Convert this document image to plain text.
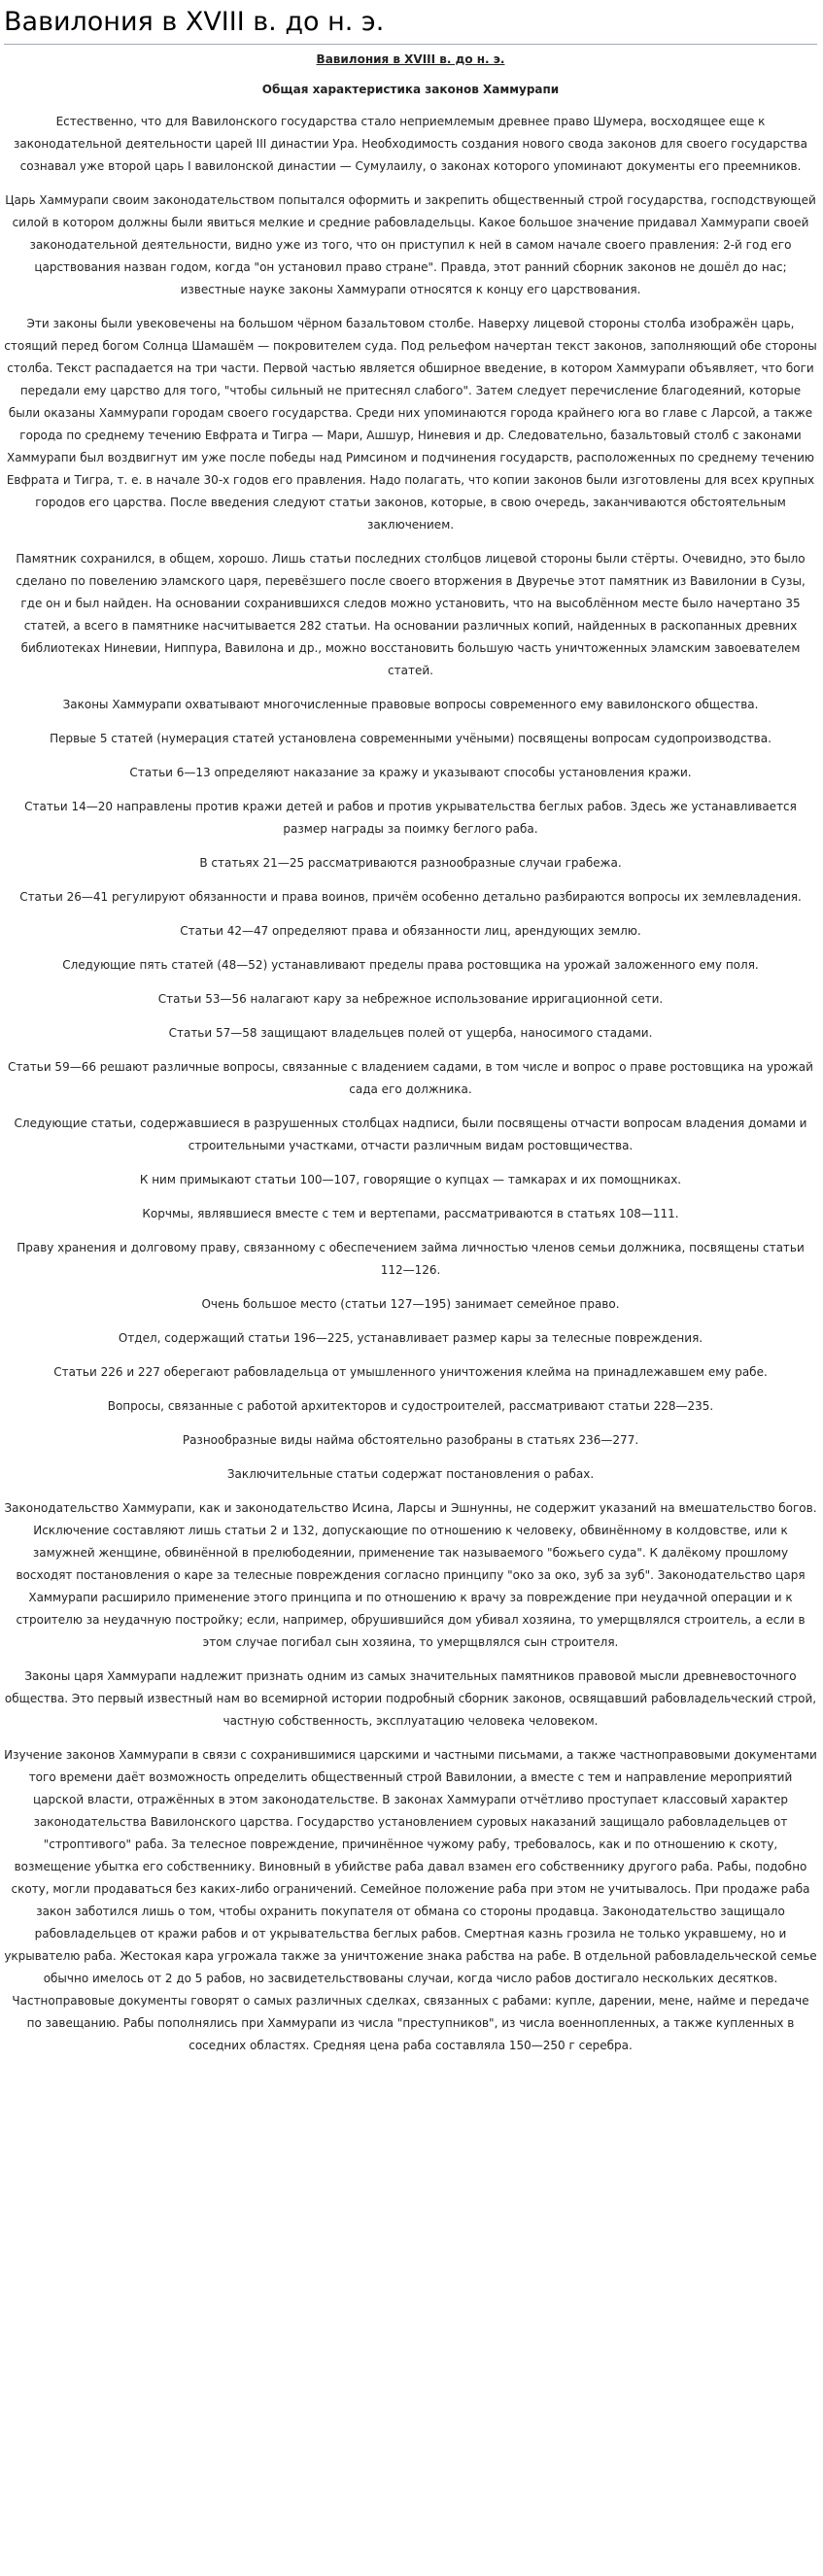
Вавилония в XVIII в. до н. э.
Вавилония в XVIII в. до н. э.
Общая характеристика законов Хаммурапи

Естественно, что для Вавилонского государства стало неприемлемым древнее право Шумера, восходящее еще к законодательной деятельности царей III династии Ура. Необходимость создания нового свода законов для своего государства сознавал уже второй царь I вавилонской династии — Сумулаилу, о законах которого упоминают документы его преемников.

Царь Хаммурапи своим законодательством попытался оформить и закрепить общественный строй государства, господствующей силой в котором должны были явиться мелкие и средние рабовладельцы. Какое большое значение придавал Хаммурапи своей законодательной деятельности, видно уже из того, что он приступил к ней в самом начале своего правления: 2-й год его царствования назван годом, когда "он установил право стране". Правда, этот ранний сборник законов не дошёл до нас; известные науке законы Хаммурапи относятся к концу его царствования.

Эти законы были увековечены на большом чёрном базальтовом столбе. Наверху лицевой стороны столба изображён царь, стоящий перед богом Солнца Шамашём — покровителем суда. Под рельефом начертан текст законов, заполняющий обе стороны столба. Текст распадается на три части. Первой частью является обширное введение, в котором Хаммурапи объявляет, что боги передали ему царство для того, "чтобы сильный не притеснял слабого". Затем следует перечисление благодеяний, которые были оказаны Хаммурапи городам своего государства. Среди них упоминаются города крайнего юга во главе с Ларсой, а также города по среднему течению Евфрата и Тигра — Мари, Ашшур, Ниневия и др. Следовательно, базальтовый столб с законами Хаммурапи был воздвигнут им уже после победы над Римсином и подчинения государств, расположенных по среднему течению Евфрата и Тигра, т. е. в начале 30-х годов его правления. Надо полагать, что копии законов были изготовлены для всех крупных городов его царства. После введения следуют статьи законов, которые, в свою очередь, заканчиваются обстоятельным заключением.

Памятник сохранился, в общем, хорошо. Лишь статьи последних столбцов лицевой стороны были стёрты. Очевидно, это было сделано по повелению эламского царя, перевёзшего после своего вторжения в Двуречье этот памятник из Вавилонии в Сузы, где он и был найден. На основании сохранившихся следов можно установить, что на высоблённом месте было начертано 35 статей, а всего в памятнике насчитывается 282 статьи. На основании различных копий, найденных в раскопанных древних библиотеках Ниневии, Ниппура, Вавилона и др., можно восстановить большую часть уничтоженных эламским завоевателем статей.

Законы Хаммурапи охватывают многочисленные правовые вопросы современного ему вавилонского общества.

Первые 5 статей (нумерация статей установлена современными учёными) посвящены вопросам судопроизводства.

Статьи 6—13 определяют наказание за кражу и указывают способы установления кражи.

Статьи 14—20 направлены против кражи детей и рабов и против укрывательства беглых рабов. Здесь же устанавливается размер награды за поимку беглого раба.

В статьях 21—25 рассматриваются разнообразные случаи грабежа.

Статьи 26—41 регулируют обязанности и права воинов, причём особенно детально разбираются вопросы их землевладения.

Статьи 42—47 определяют права и обязанности лиц, арендующих землю.

Следующие пять статей (48—52) устанавливают пределы права ростовщика на урожай заложенного ему поля.

Статьи 53—56 налагают кару за небрежное использование ирригационной сети.

Статьи 57—58 защищают владельцев полей от ущерба, наносимого стадами.

Статьи 59—66 решают различные вопросы, связанные с владением садами, в том числе и вопрос о праве ростовщика на урожай сада его должника.

Следующие статьи, содержавшиеся в разрушенных столбцах надписи, были посвящены отчасти вопросам владения домами и строительными участками, отчасти различным видам ростовщичества.

К ним примыкают статьи 100—107, говорящие о купцах — тамкарах и их помощниках.

Корчмы, являвшиеся вместе с тем и вертепами, рассматриваются в статьях 108—111.

Праву хранения и долговому праву, связанному с обеспечением займа личностью членов семьи должника, посвящены статьи 112—126.

Очень большое место (статьи 127—195) занимает семейное право.

Отдел, содержащий статьи 196—225, устанавливает размер кары за телесные повреждения.

Статьи 226 и 227 оберегают рабовладельца от умышленного уничтожения клейма на принадлежавшем ему рабе.

Вопросы, связанные с работой архитекторов и судостроителей, рассматривают статьи 228—235.

Разнообразные виды найма обстоятельно разобраны в статьях 236—277.

Заключительные статьи содержат постановления о рабах.

Законодательство Хаммурапи, как и законодательство Исина, Ларсы и Эшнунны, не содержит указаний на вмешательство богов. Исключение составляют лишь статьи 2 и 132, допускающие по отношению к человеку, обвинённому в колдовстве, или к замужней женщине, обвинённой в прелюбодеянии, применение так называемого "божьего суда". К далёкому прошлому восходят постановления о каре за телесные повреждения согласно принципу "око за око, зуб за зуб". Законодательство царя Хаммурапи расширило применение этого принципа и по отношению к врачу за повреждение при неудачной операции и к строителю за неудачную постройку; если, например, обрушившийся дом убивал хозяина, то умерщвлялся строитель, а если в этом случае погибал сын хозяина, то умерщвлялся сын строителя.

Законы царя Хаммурапи надлежит признать одним из самых значительных памятников правовой мысли древневосточного общества. Это первый известный нам во всемирной истории подробный сборник законов, освящавший рабовладельческий строй, частную собственность, эксплуатацию человека человеком.

Изучение законов Хаммурапи в связи с сохранившимися царскими и частными письмами, а также частноправовыми документами того времени даёт возможность определить общественный строй Вавилонии, а вместе с тем и направление мероприятий царской власти, отражённых в этом законодательстве. В законах Хаммурапи отчётливо проступает классовый характер законодательства Вавилонского царства. Государство установлением суровых наказаний защищало рабовладельцев от "строптивого" раба. За телесное повреждение, причинённое чужому рабу, требовалось, как и по отношению к скоту, возмещение убытка его собственнику. Виновный в убийстве раба давал взамен его собственнику другого раба. Рабы, подобно скоту, могли продаваться без каких-либо ограничений. Семейное положение раба при этом не учитывалось. При продаже раба закон заботился лишь о том, чтобы охранить покупателя от обмана со стороны продавца. Законодательство защищало рабовладельцев от кражи рабов и от укрывательства беглых рабов. Смертная казнь грозила не только укравшему, но и укрывателю раба. Жестокая кара угрожала также за уничтожение знака рабства на рабе. В отдельной рабовладельческой семье обычно имелось от 2 до 5 рабов, но засвидетельствованы случаи, когда число рабов достигало нескольких десятков. Частноправовые документы говорят о самых различных сделках, связанных с рабами: купле, дарении, мене, найме и передаче по завещанию. Рабы пополнялись при Хаммурапи из числа "преступников", из числа военнопленных, а также купленных в соседних областях. Средняя цена раба составляла 150—250 г серебра.
